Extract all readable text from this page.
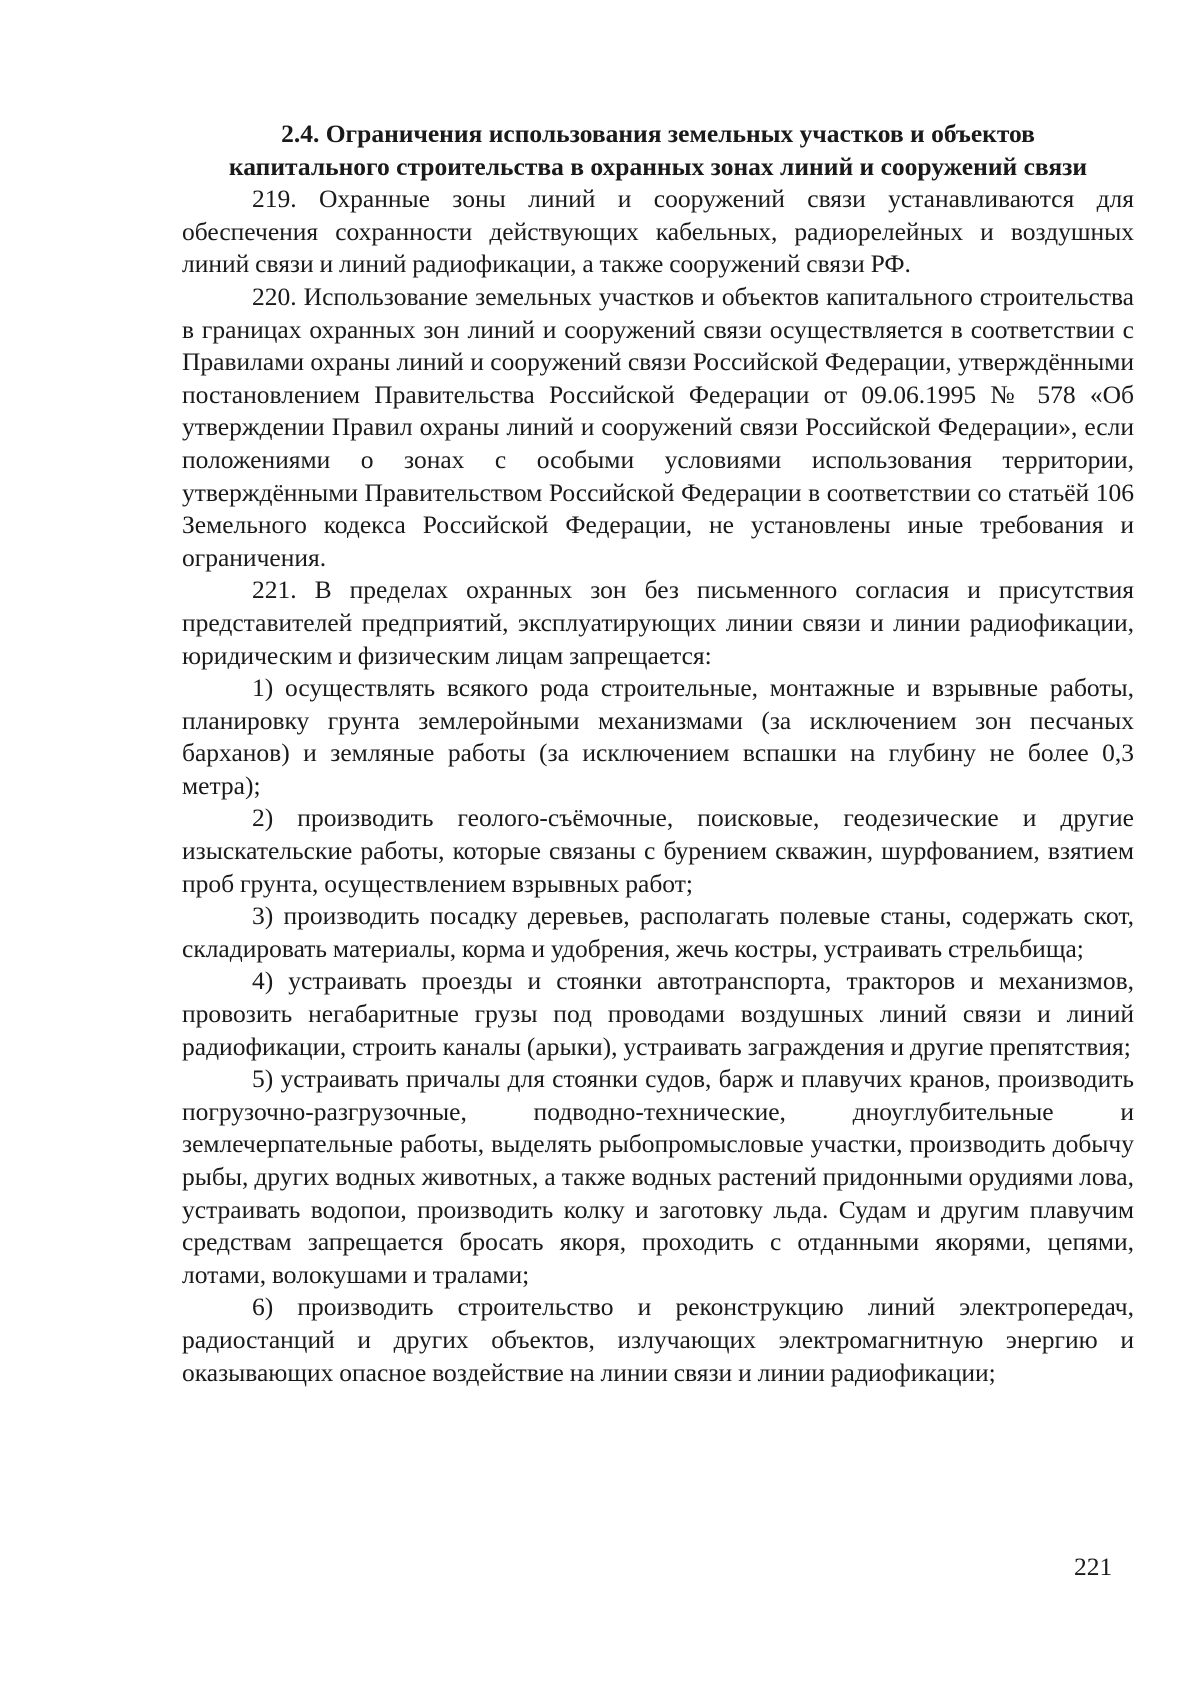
2.4. Ограничения использования земельных участков и объектов
капитального строительства в охранных зонах линий и сооружений связи

219. Охранные зоны линий и сооружений связи устанавливаются для обеспечения сохранности действующих кабельных, радиорелейных и воздушных линий связи и линий радиофикации, а также сооружений связи РФ.

220. Использование земельных участков и объектов капитального строительства в границах охранных зон линий и сооружений связи осуществляется в соответствии с Правилами охраны линий и сооружений связи Российской Федерации, утверждёнными постановлением Правительства Российской Федерации от 09.06.1995 № 578 «Об утверждении Правил охраны линий и сооружений связи Российской Федерации», если положениями о зонах с особыми условиями использования территории, утверждёнными Правительством Российской Федерации в соответствии со статьёй 106 Земельного кодекса Российской Федерации, не установлены иные требования и ограничения.

221. В пределах охранных зон без письменного согласия и присутствия представителей предприятий, эксплуатирующих линии связи и линии радиофикации, юридическим и физическим лицам запрещается:

1) осуществлять всякого рода строительные, монтажные и взрывные работы, планировку грунта землеройными механизмами (за исключением зон песчаных барханов) и земляные работы (за исключением вспашки на глубину не более 0,3 метра);

2) производить геолого-съёмочные, поисковые, геодезические и другие изыскательские работы, которые связаны с бурением скважин, шурфованием, взятием проб грунта, осуществлением взрывных работ;

3) производить посадку деревьев, располагать полевые станы, содержать скот, складировать материалы, корма и удобрения, жечь костры, устраивать стрельбища;

4) устраивать проезды и стоянки автотранспорта, тракторов и механизмов, провозить негабаритные грузы под проводами воздушных линий связи и линий радиофикации, строить каналы (арыки), устраивать заграждения и другие препятствия;

5) устраивать причалы для стоянки судов, барж и плавучих кранов, производить погрузочно-разгрузочные, подводно-технические, дноуглубительные и землечерпательные работы, выделять рыбопромысловые участки, производить добычу рыбы, других водных животных, а также водных растений придонными орудиями лова, устраивать водопои, производить колку и заготовку льда. Судам и другим плавучим средствам запрещается бросать якоря, проходить с отданными якорями, цепями, лотами, волокушами и тралами;

6) производить строительство и реконструкцию линий электропередач, радиостанций и других объектов, излучающих электромагнитную энергию и оказывающих опасное воздействие на линии связи и линии радиофикации;

221
